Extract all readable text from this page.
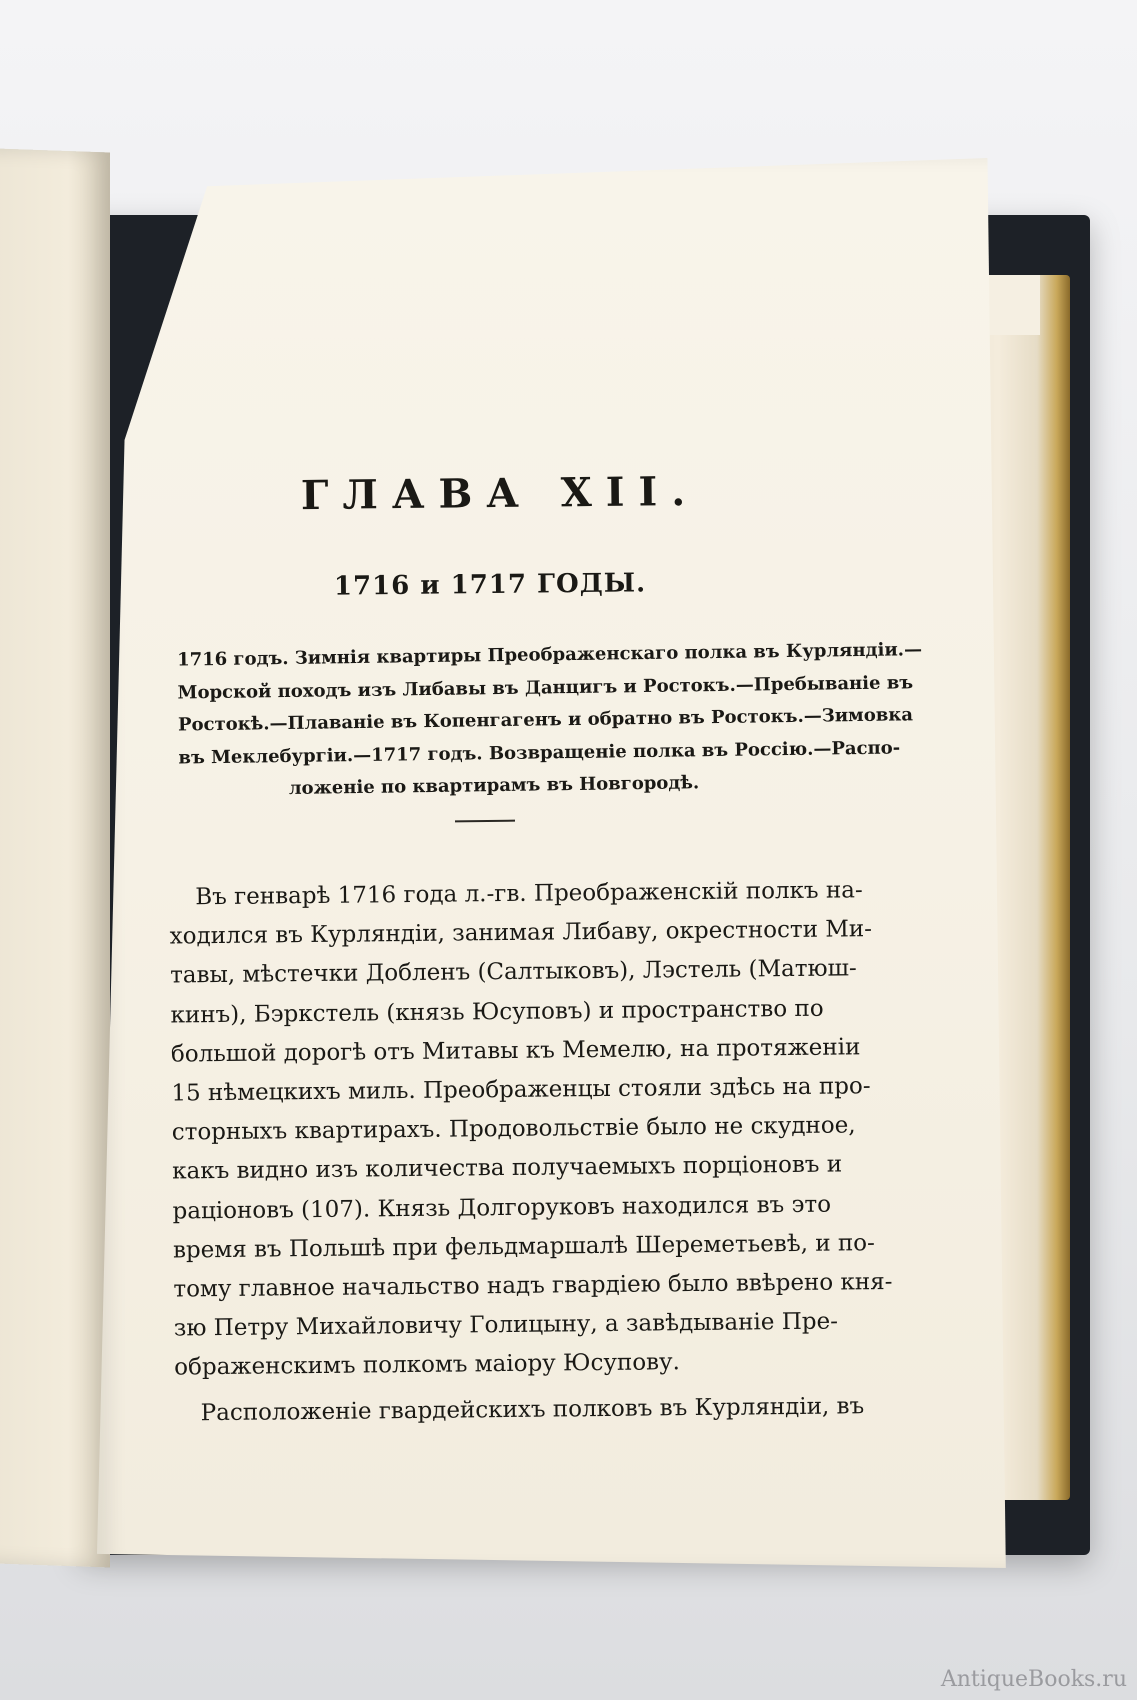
ГЛАВА XII.
1716 и 1717 ГОДЫ.
1716 годъ. Зимнія квартиры Преображенскаго полка въ Курляндіи.—
Морской походъ изъ Либавы въ Данцигъ и Ростокъ.—Пребываніе въ
Ростокѣ.—Плаваніе въ Копенгагенъ и обратно въ Ростокъ.—Зимовка
въ Меклебургіи.—1717 годъ. Возвращеніе полка въ Россію.—Распо-
ложеніе по квартирамъ въ Новгородѣ.
Въ генварѣ 1716 года л.-гв. Преображенскій полкъ на-
ходился въ Курляндіи, занимая Либаву, окрестности Ми-
тавы, мѣстечки Добленъ (Салтыковъ), Лэстель (Матюш-
кинъ), Бэркстель (князь Юсуповъ) и пространство по
большой дорогѣ отъ Митавы къ Мемелю, на протяженіи
15 нѣмецкихъ миль. Преображенцы стояли здѣсь на про-
сторныхъ квартирахъ. Продовольствіе было не скудное,
какъ видно изъ количества получаемыхъ порціоновъ и
раціоновъ (107). Князь Долгоруковъ находился въ это
время въ Польшѣ при фельдмаршалѣ Шереметьевѣ, и по-
тому главное начальство надъ гвардіею было ввѣрено кня-
зю Петру Михайловичу Голицыну, а завѣдываніе Пре-
ображенскимъ полкомъ маіору Юсупову.
Расположеніе гвардейскихъ полковъ въ Курляндіи, въ
AntiqueBooks.ru
